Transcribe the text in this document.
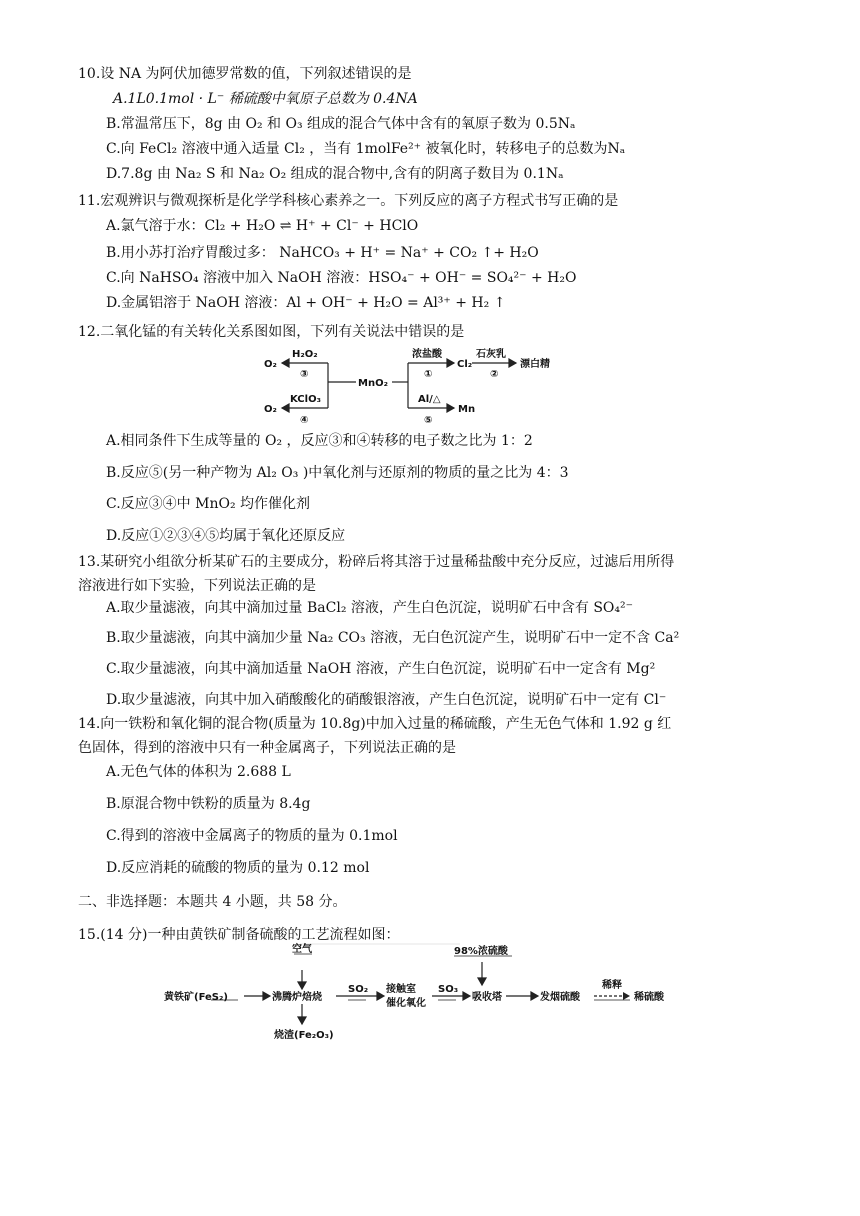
10.设 NA 为阿伏加德罗常数的值，下列叙述错误的是
A.1L0.1mol · L⁻ 稀硫酸中氧原子总数为 0.4NA
B.常温常压下，8g 由 O₂ 和 O₃ 组成的混合气体中含有的氧原子数为 0.5Nₐ
C.向 FeCl₂ 溶液中通入适量 Cl₂ ，当有 1molFe²⁺ 被氧化时，转移电子的总数为Nₐ
D.7.8g 由 Na₂ S 和 Na₂ O₂ 组成的混合物中,含有的阴离子数目为 0.1Nₐ
11.宏观辨识与微观探析是化学学科核心素养之一。下列反应的离子方程式书写正确的是
A.氯气溶于水：Cl₂ + H₂O ⇌ H⁺ + Cl⁻ + HClO
B.用小苏打治疗胃酸过多： NaHCO₃ + H⁺ = Na⁺ + CO₂ ↑+ H₂O
C.向 NaHSO₄ 溶液中加入 NaOH 溶液：HSO₄⁻ + OH⁻ = SO₄²⁻ + H₂O
D.金属铝溶于 NaOH 溶液：Al + OH⁻ + H₂O = Al³⁺ + H₂ ↑
12.二氧化锰的有关转化关系图如图，下列有关说法中错误的是
O₂
H₂O₂
③
MnO₂
O₂
KClO₃
④
浓盐酸
①
Cl₂
石灰乳
②
漂白精
Al/△
⑤
Mn
A.相同条件下生成等量的 O₂ ，反应③和④转移的电子数之比为 1：2
B.反应⑤(另一种产物为 Al₂ O₃ )中氧化剂与还原剂的物质的量之比为 4：3
C.反应③④中 MnO₂ 均作催化剂
D.反应①②③④⑤均属于氧化还原反应
13.某研究小组欲分析某矿石的主要成分，粉碎后将其溶于过量稀盐酸中充分反应，过滤后用所得
溶液进行如下实验，下列说法正确的是
A.取少量滤液，向其中滴加过量 BaCl₂ 溶液，产生白色沉淀，说明矿石中含有 SO₄²⁻
B.取少量滤液，向其中滴加少量 Na₂ CO₃ 溶液，无白色沉淀产生，说明矿石中一定不含 Ca²
C.取少量滤液，向其中滴加适量 NaOH 溶液，产生白色沉淀，说明矿石中一定含有 Mg²
D.取少量滤液，向其中加入硝酸酸化的硝酸银溶液，产生白色沉淀，说明矿石中一定有 Cl⁻
14.向一铁粉和氧化铜的混合物(质量为 10.8g)中加入过量的稀硫酸，产生无色气体和 1.92 g 红
色固体，得到的溶液中只有一种金属离子，下列说法正确的是
A.无色气体的体积为 2.688 L
B.原混合物中铁粉的质量为 8.4g
C.得到的溶液中金属离子的物质的量为 0.1mol
D.反应消耗的硫酸的物质的量为 0.12 mol
二、非选择题：本题共 4 小题，共 58 分。
15.(14 分)一种由黄铁矿制备硫酸的工艺流程如图：
空气
黄铁矿(FeS₂)	沸腾炉焙烧
SO₂ 接触室
催化氧化
SO₃
98%浓硫酸
吸收塔	发烟硫酸
稀释
稀硫酸
烧渣(Fe₂O₃)
